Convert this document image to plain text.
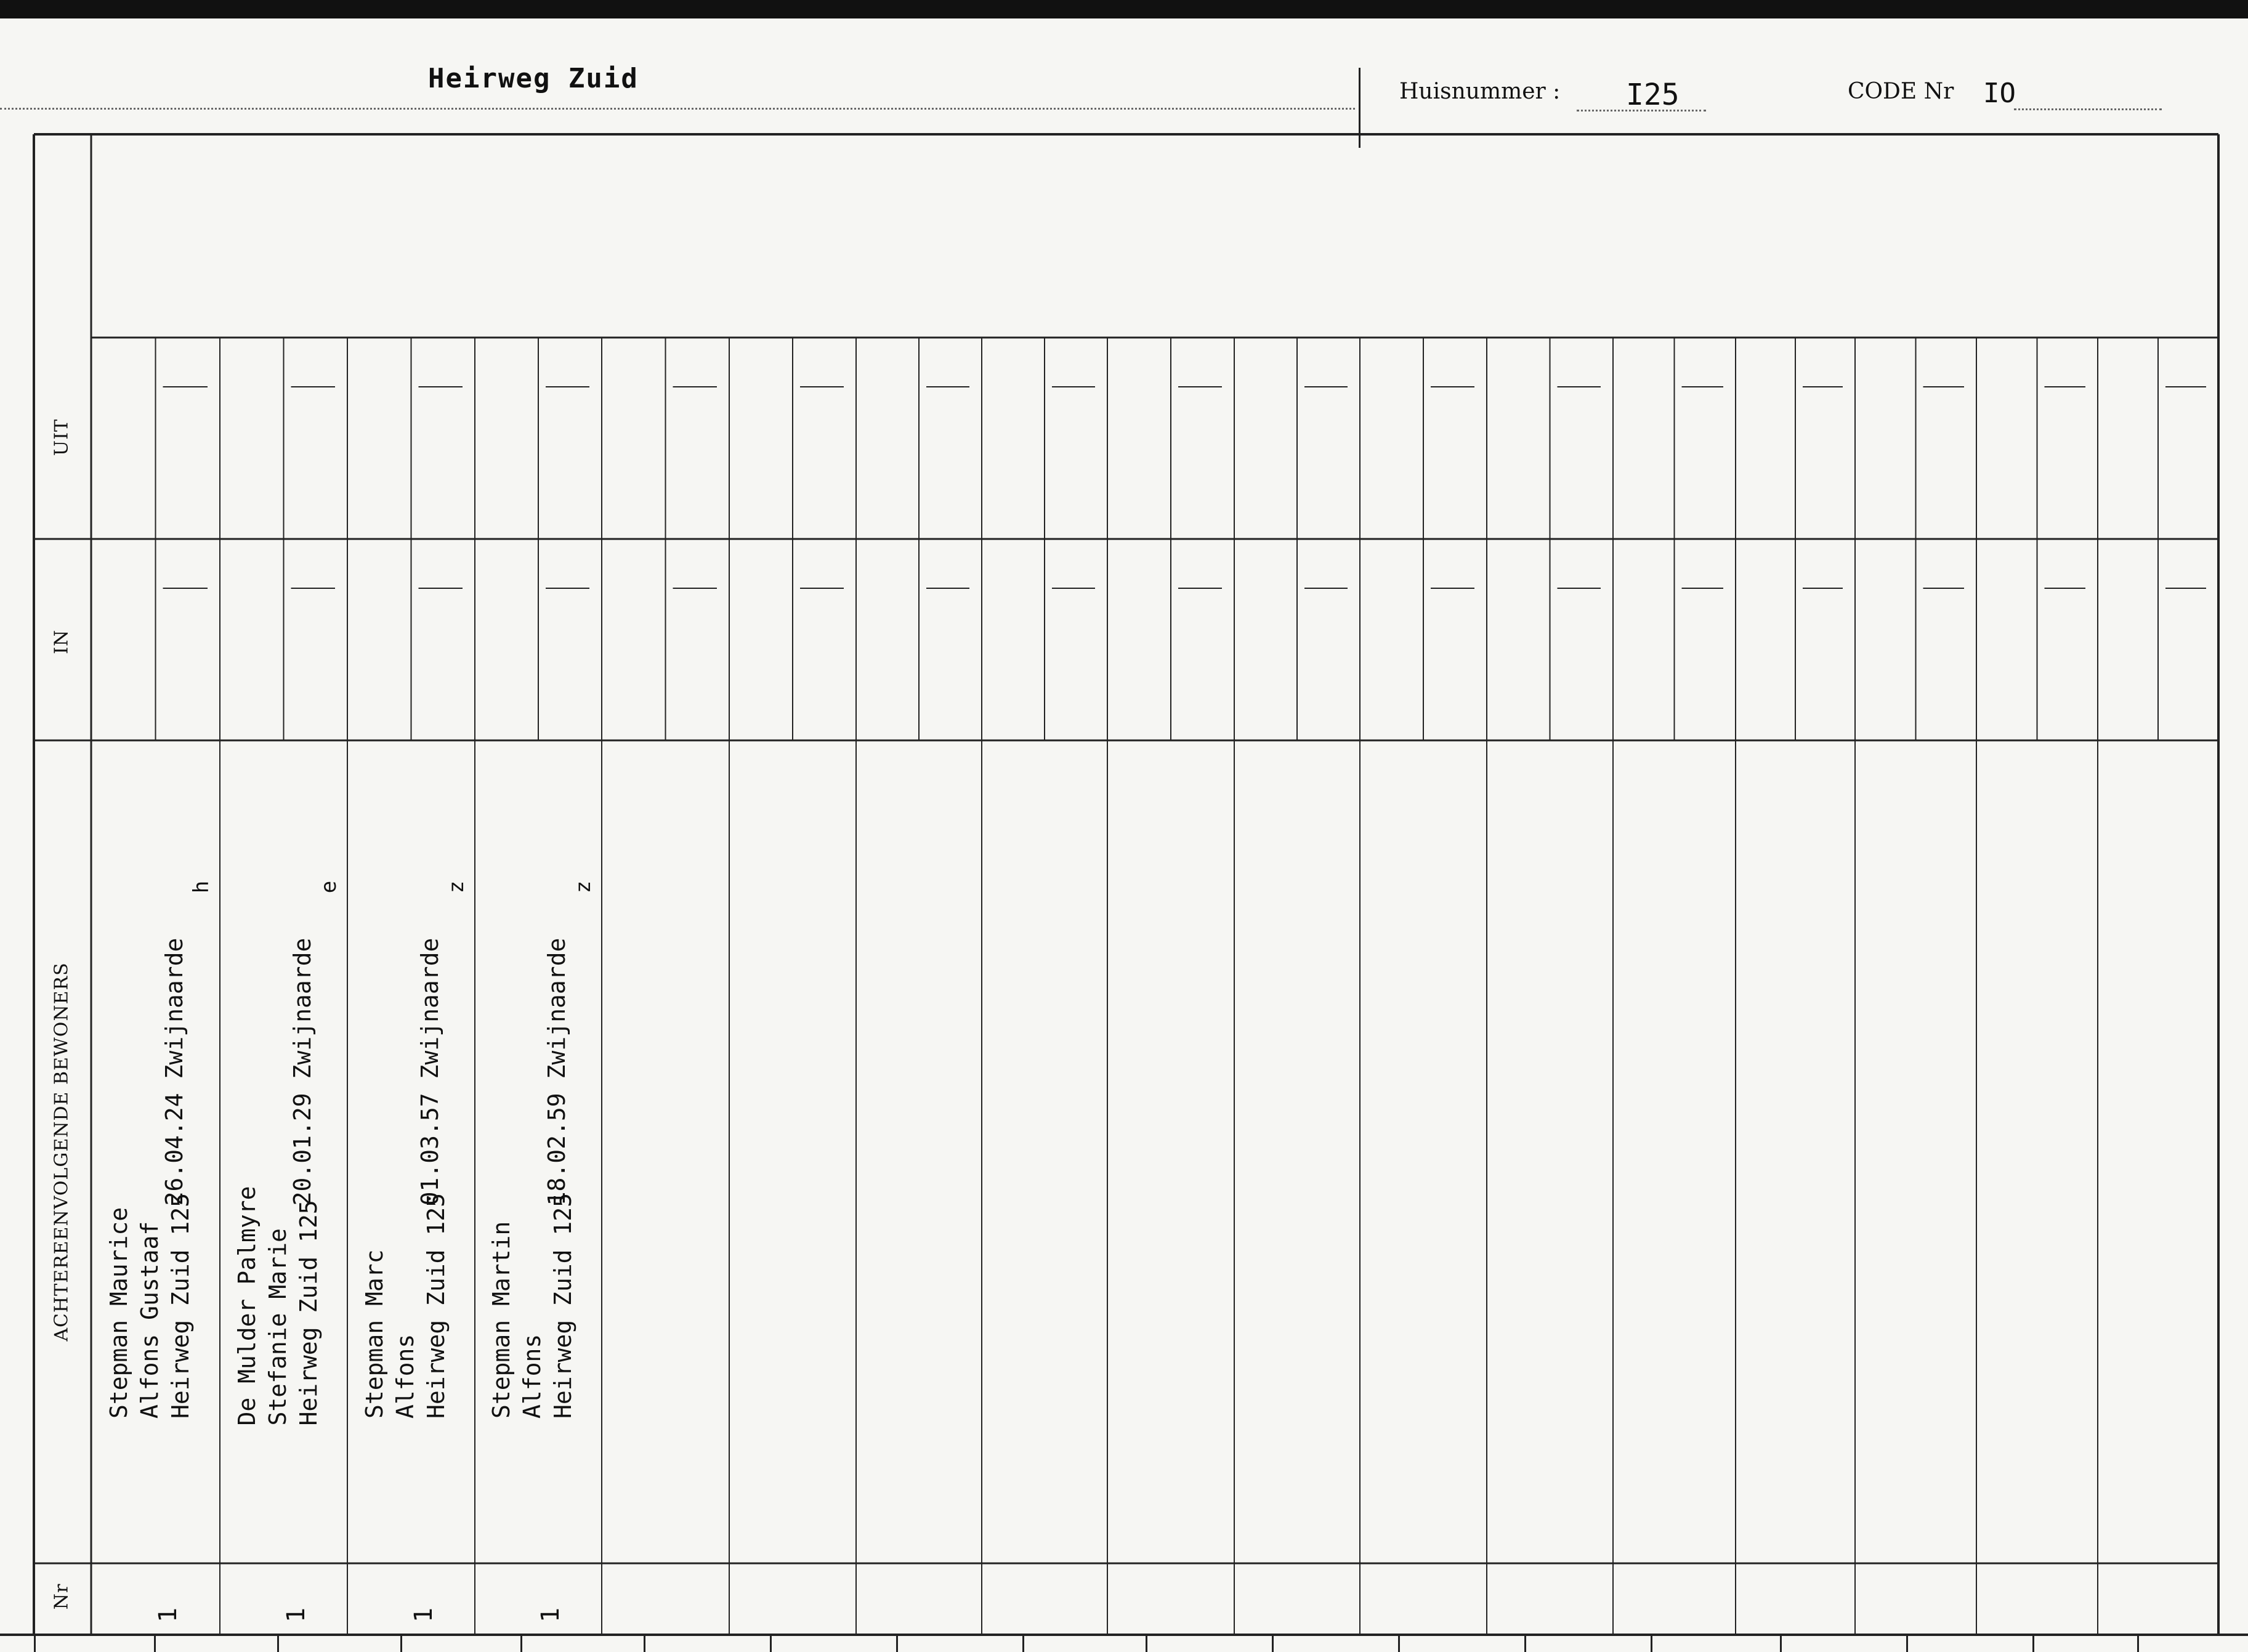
Heirweg Zuid	Huisnummer : I25	CODE Nr IO
UIT
IN
ACHTEREENVOLGENDE BEWONERS
Nr
Stepman Maurice Alfons Gustaaf Heirweg Zuid 125
26.04.24 Zwijnaarde
h
1
De Mulder Palmyre Stefanie Marie Heirweg Zuid 125
20.01.29 Zwijnaarde
e
1
Stepman Marc Alfons Heirweg Zuid 125
01.03.57 Zwijnaarde
z
1
Stepman Martin Alfons Heirweg Zuid 125
18.02.59 Zwijnaarde
z
1
